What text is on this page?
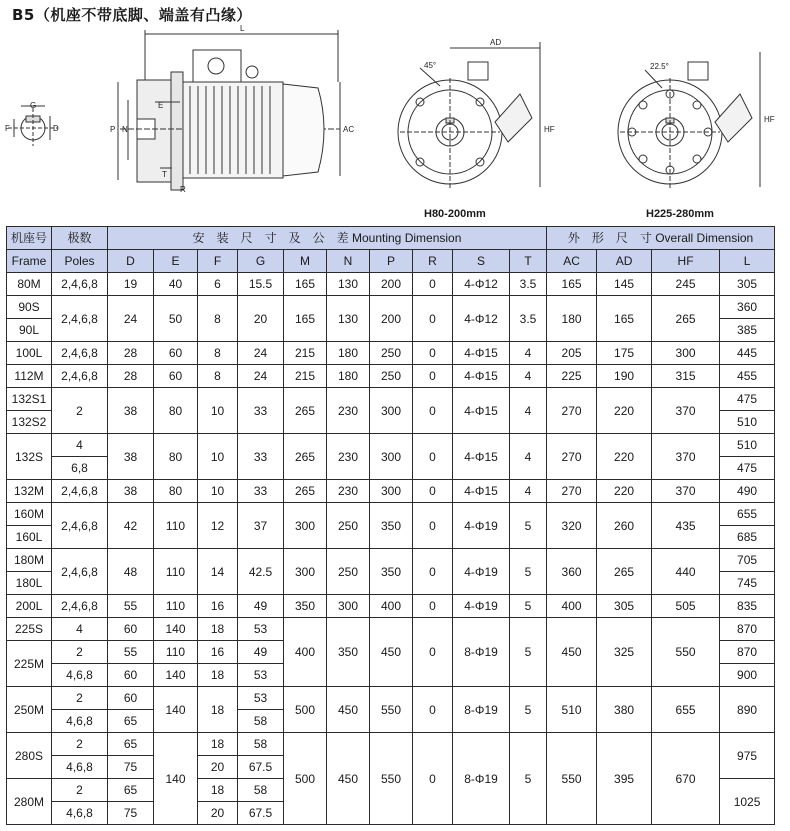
B5（机座不带底脚、端盖有凸缘）
L
G
F	D
E
P N
T
R
AC
AD
HF
HF
45°	22.5°
H80-200mm	H225-280mm
机座号	极数	安　装　尺　寸　及　公　差 Mounting Dimension										外　形　尺　寸 Overall Dimension			
Frame	Poles	D	E	F	G	M	N	P	R	S	T	AC	AD	HF	L
80M	2,4,6,8	19	40	6	15.5	165	130	200	0	4-Φ12	3.5	165	145	245	305
90S	2,4,6,8	24	50	8	20	165	130	200	0	4-Φ12	3.5	180	165	265	360
90L															385
100L	2,4,6,8	28	60	8	24	215	180	250	0	4-Φ15	4	205	175	300	445
112M	2,4,6,8	28	60	8	24	215	180	250	0	4-Φ15	4	225	190	315	455
132S1	2	38	80	10	33	265	230	300	0	4-Φ15	4	270	220	370	475
132S2															510
132S	4	38	80	10	33	265	230	300	0	4-Φ15	4	270	220	370	510
	6,8														475
132M	2,4,6,8	38	80	10	33	265	230	300	0	4-Φ15	4	270	220	370	490
160M	2,4,6,8	42	110	12	37	300	250	350	0	4-Φ19	5	320	260	435	655
160L															685
180M	2,4,6,8	48	110	14	42.5	300	250	350	0	4-Φ19	5	360	265	440	705
180L															745
200L	2,4,6,8	55	110	16	49	350	300	400	0	4-Φ19	5	400	305	505	835
225S	4	60	140	18	53	400	350	450	0	8-Φ19	5	450	325	550	870
225M	2	55	110	16	49										870
	4,6,8	60	140	18	53										900
250M	2	60	140	18	53	500	450	550	0	8-Φ19	5	510	380	655	890
	4,6,8	65			58										
280S	2	65	140	18	58	500	450	550	0	8-Φ19	5	550	395	670	975
	4,6,8	75		20	67.5										
280M	2	65		18	58										1025
	4,6,8	75		20	67.5										
